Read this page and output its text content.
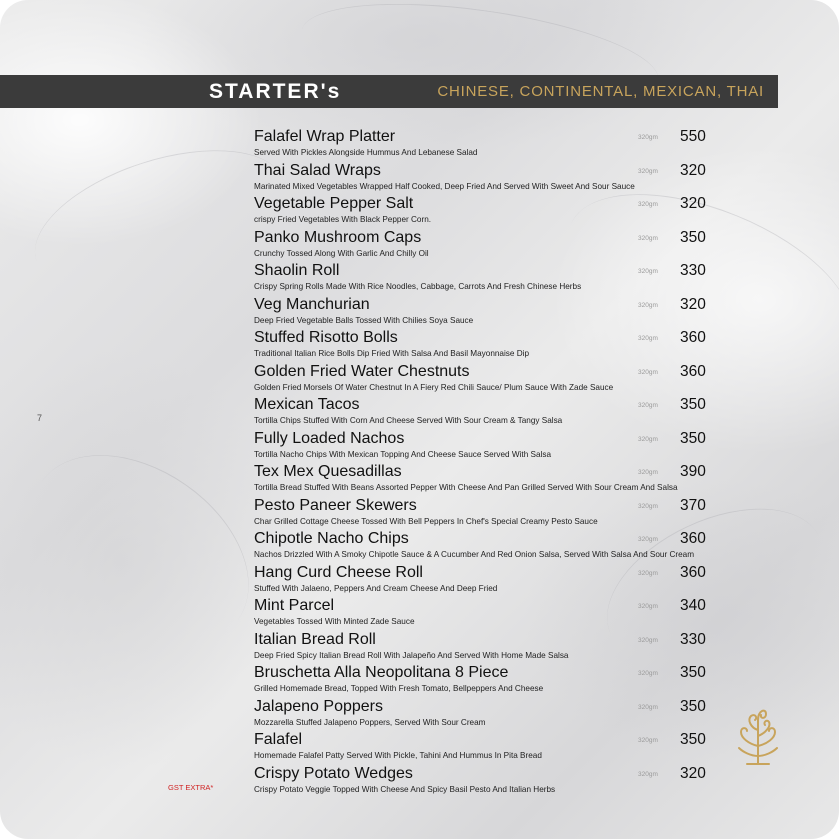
STARTER's	CHINESE, CONTINENTAL, MEXICAN, THAI
7
Falafel Wrap Platter
Served With Pickles Alongside Hummus And Lebanese Salad
320gm 550
Thai Salad Wraps
Marinated Mixed Vegetables Wrapped Half Cooked, Deep Fried And Served With Sweet And Sour Sauce
320gm 320
Vegetable Pepper Salt
crispy Fried Vegetables With Black Pepper Corn.
320gm 320
Panko Mushroom Caps
Crunchy Tossed Along With Garlic And Chilly Oil
320gm 350
Shaolin Roll
Crispy Spring Rolls Made With Rice Noodles, Cabbage, Carrots And Fresh Chinese Herbs
320gm 330
Veg Manchurian
Deep Fried Vegetable Balls Tossed With Chilies Soya Sauce
320gm 320
Stuffed Risotto Bolls
Traditional Italian Rice Bolls Dip Fried With Salsa And Basil Mayonnaise Dip
320gm 360
Golden Fried Water Chestnuts
Golden Fried Morsels Of Water Chestnut In A Fiery Red Chili Sauce/ Plum Sauce With Zade Sauce
320gm 360
Mexican Tacos
Tortilla Chips Stuffed With Corn And Cheese Served With Sour Cream & Tangy Salsa
320gm 350
Fully Loaded Nachos
Tortilla Nacho Chips With Mexican Topping And Cheese Sauce Served With Salsa
320gm 350
Tex Mex Quesadillas
Tortilla Bread Stuffed With Beans Assorted Pepper With Cheese And Pan Grilled Served With Sour Cream And Salsa
320gm 390
Pesto Paneer Skewers
Char Grilled Cottage Cheese Tossed With Bell Peppers In Chef's Special Creamy Pesto Sauce
320gm 370
Chipotle Nacho Chips
Nachos Drizzled With A Smoky Chipotle Sauce & A Cucumber And Red Onion Salsa, Served With Salsa And Sour Cream
320gm 360
Hang Curd Cheese Roll
Stuffed With Jalaeno, Peppers And Cream Cheese And Deep Fried
320gm 360
Mint Parcel
Vegetables Tossed With Minted Zade Sauce
320gm 340
Italian Bread Roll
Deep Fried Spicy Italian Bread Roll With Jalapeño And Served With Home Made Salsa
320gm 330
Bruschetta Alla Neopolitana 8 Piece
Grilled Homemade Bread, Topped With Fresh Tomato, Bellpeppers And Cheese
320gm 350
Jalapeno Poppers
Mozzarella Stuffed Jalapeno Poppers, Served With Sour Cream
320gm 350
Falafel
Homemade Falafel Patty Served With Pickle, Tahini And Hummus In Pita Bread
320gm 350
Crispy Potato Wedges
Crispy Potato Veggie Topped With Cheese And Spicy Basil Pesto And Italian Herbs
320gm 320
GST EXTRA*
